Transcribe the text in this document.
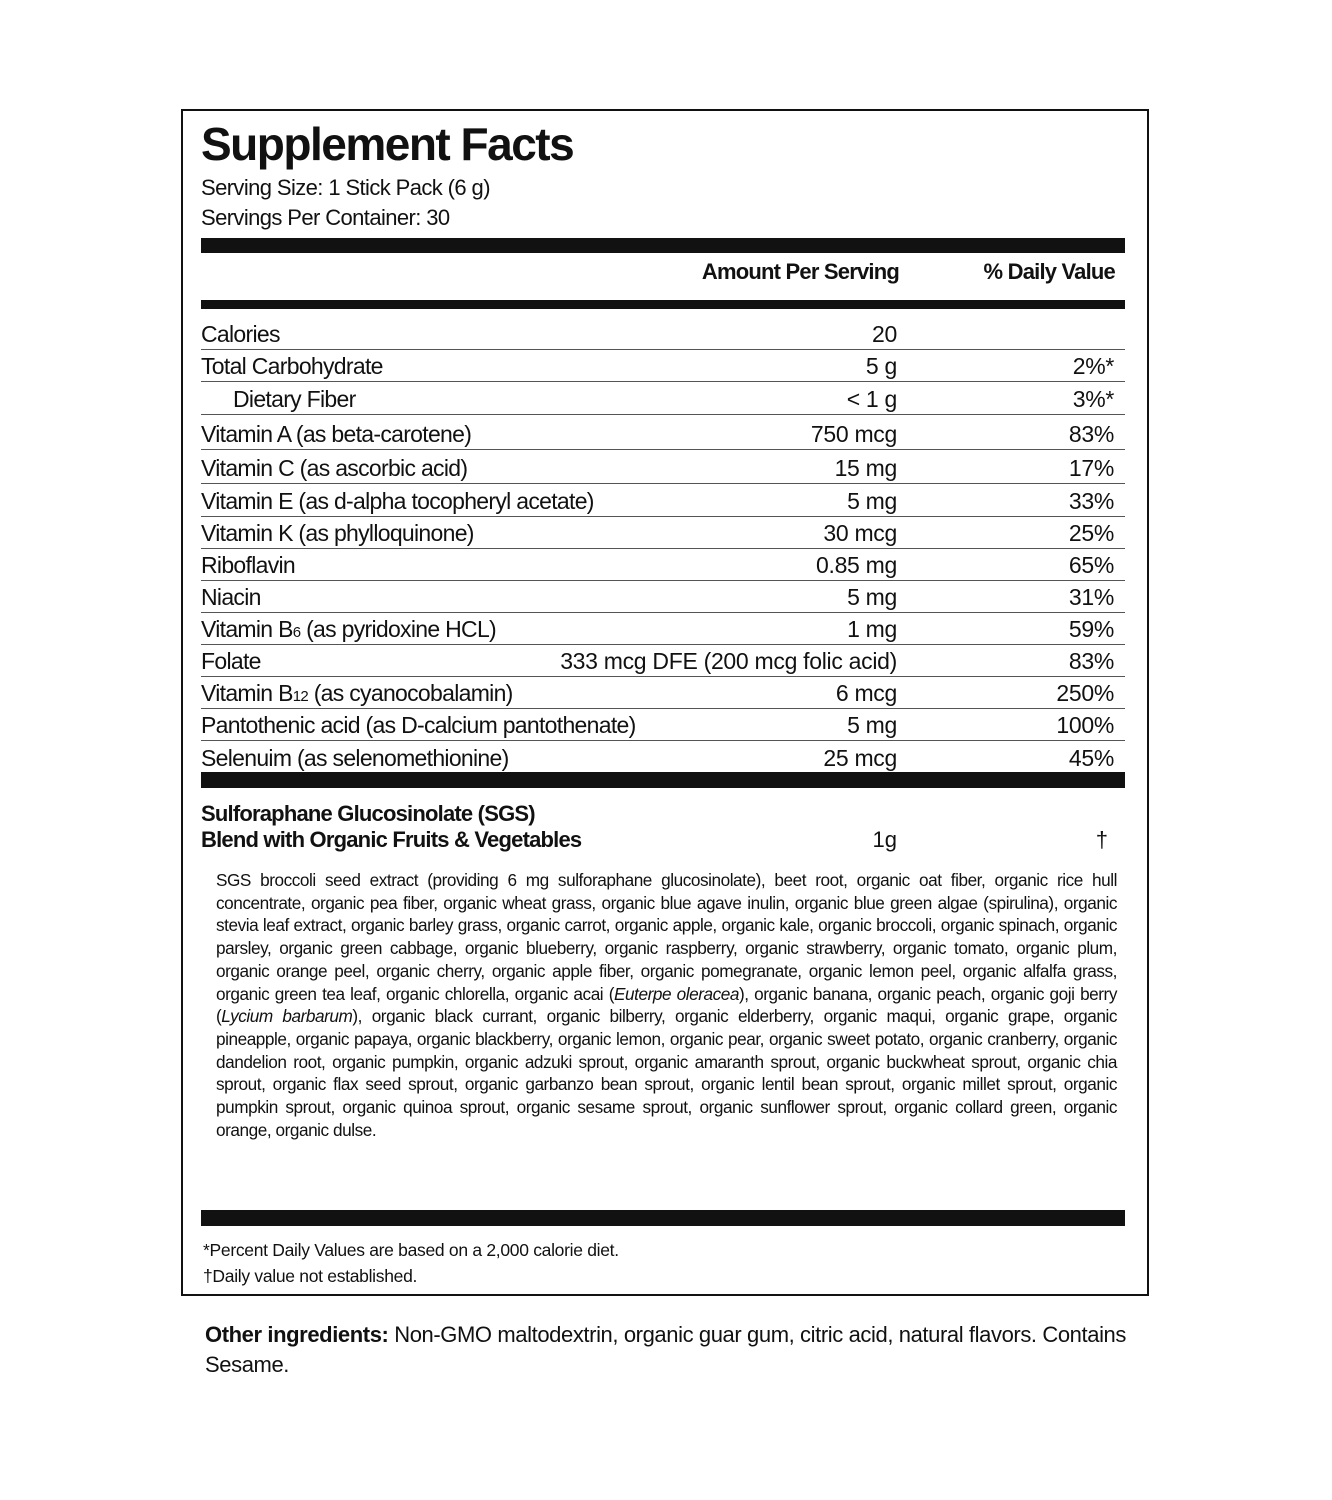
Supplement Facts
Serving Size: 1 Stick Pack (6 g)
Servings Per Container: 30
Amount Per Serving	% Daily Value
Calories	20
Total Carbohydrate	5 g	2%*
Dietary Fiber	< 1 g	3%*
Vitamin A (as beta-carotene)	750 mcg	83%
Vitamin C (as ascorbic acid)	15 mg	17%
Vitamin E (as d-alpha tocopheryl acetate)	5 mg	33%
Vitamin K (as phylloquinone)	30 mcg	25%
Riboflavin	0.85 mg	65%
Niacin	5 mg	31%
Vitamin B6 (as pyridoxine HCL)	1 mg	59%
Folate	333 mcg DFE (200 mcg folic acid)	83%
Vitamin B12 (as cyanocobalamin)	6 mcg	250%
Pantothenic acid (as D-calcium pantothenate)	5 mg	100%
Selenuim (as selenomethionine)	25 mcg	45%
Sulforaphane Glucosinolate (SGS)
Blend with Organic Fruits & Vegetables	1g	†
SGS broccoli seed extract (providing 6 mg sulforaphane glucosinolate), beet root, organic oat fiber, organic rice hull concentrate, organic pea fiber, organic wheat grass, organic blue agave inulin, organic blue green algae (spirulina), organic stevia leaf extract, organic barley grass, organic carrot, organic apple, organic kale, organic broccoli, organic spinach, organic parsley, organic green cabbage, organic blueberry, organic raspberry, organic strawberry, organic tomato, organic plum, organic orange peel, organic cherry, organic apple fiber, organic pomegranate, organic lemon peel, organic alfalfa grass, organic green tea leaf, organic chlorella, organic acai (Euterpe oleracea), organic banana, organic peach, organic goji berry (Lycium barbarum), organic black currant, organic bilberry, organic elderberry, organic maqui, organic grape, organic pineapple, organic papaya, organic blackberry, organic lemon, organic pear, organic sweet potato, organic cranberry, organic dandelion root, organic pumpkin, organic adzuki sprout, organic amaranth sprout, organic buckwheat sprout, organic chia sprout, organic flax seed sprout, organic garbanzo bean sprout, organic lentil bean sprout, organic millet sprout, organic pumpkin sprout, organic quinoa sprout, organic sesame sprout, organic sunflower sprout, organic collard green, organic orange, organic dulse.
*Percent Daily Values are based on a 2,000 calorie diet.
†Daily value not established.
Other ingredients: Non-GMO maltodextrin, organic guar gum, citric acid, natural flavors. Contains Sesame.
